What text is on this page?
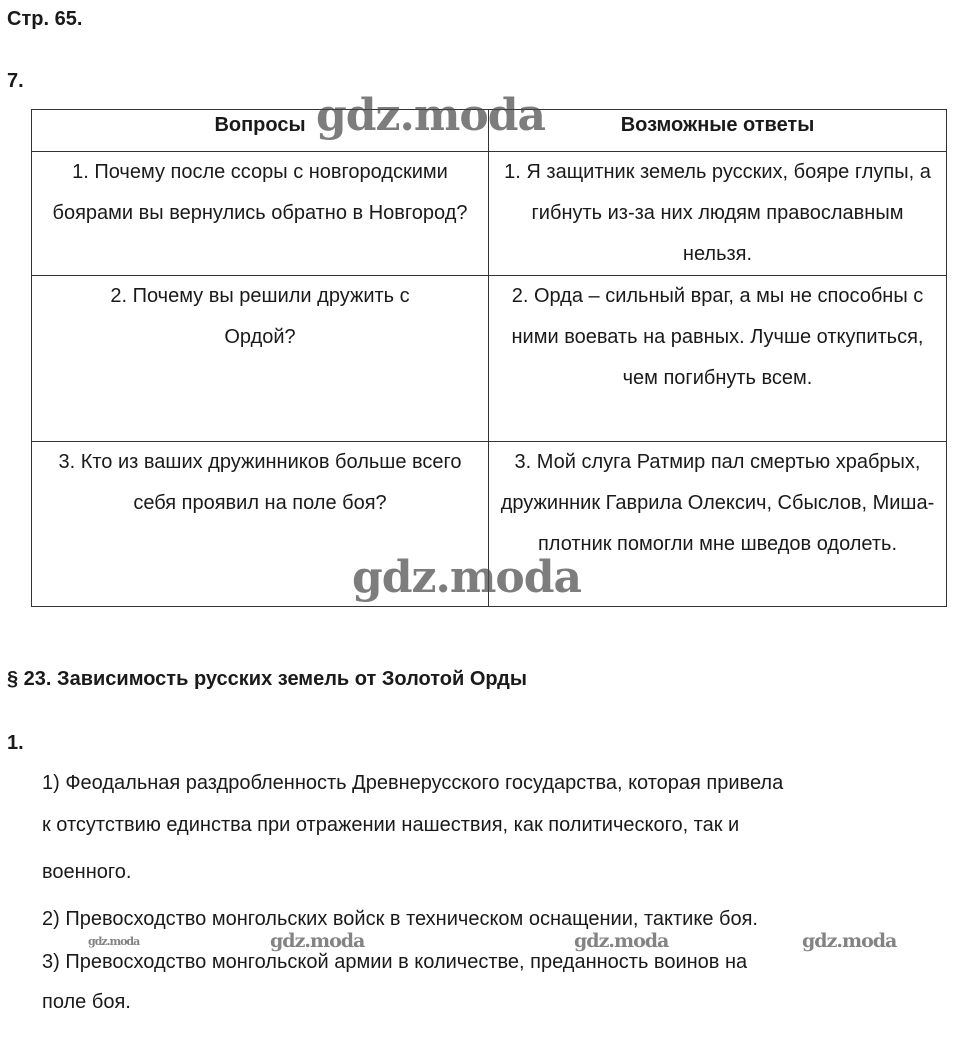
Стр. 65.
7.
Вопросы	Возможные ответы
1. Почему после ссоры с новгородскими боярами вы вернулись обратно в Новгород?	1. Я защитник земель русских, бояре глупы, а гибнуть из-за них людям православным нельзя.
2. Почему вы решили дружить с Ордой?	2. Орда – сильный враг, а мы не способны с ними воевать на равных. Лучше откупиться, чем погибнуть всем.
3. Кто из ваших дружинников больше всего себя проявил на поле боя?	3. Мой слуга Ратмир пал смертью храбрых, дружинник Гаврила Олексич, Сбыслов, Миша-плотник помогли мне шведов одолеть.
§ 23. Зависимость русских земель от Золотой Орды
1.
1) Феодальная раздробленность Древнерусского государства, которая привела
к отсутствию единства при отражении нашествия, как политического, так и
военного.
2) Превосходство монгольских войск в техническом оснащении, тактике боя.
3) Превосходство монгольской армии в количестве, преданность воинов на
поле боя.
gdz.moda
gdz.moda
gdz.moda	gdz.moda	gdz.moda
gdz.moda
